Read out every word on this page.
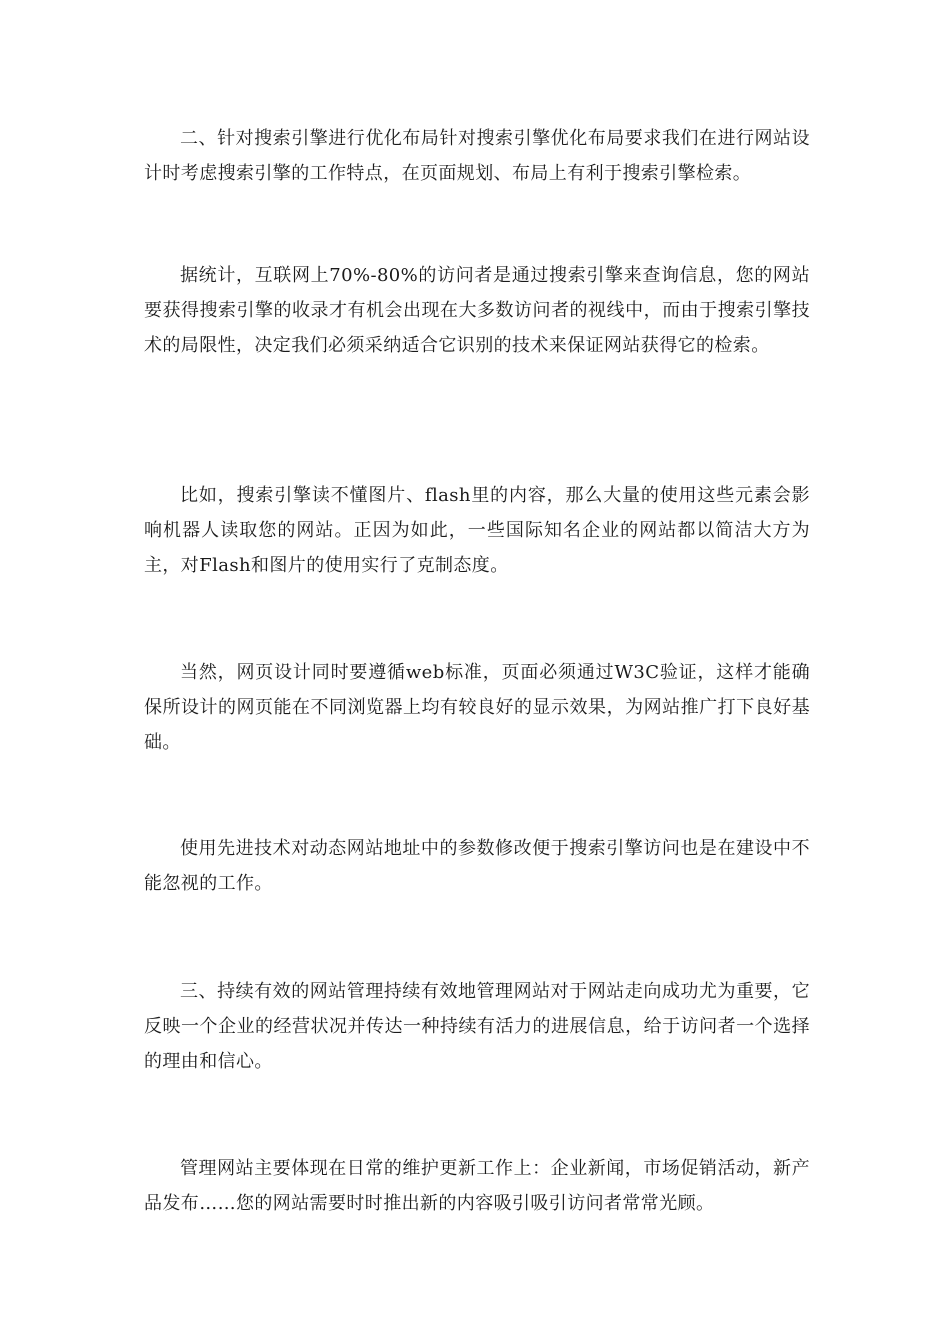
二、针对搜索引擎进行优化布局针对搜索引擎优化布局要求我们在进行网站设计时考虑搜索引擎的工作特点，在页面规划、布局上有利于搜索引擎检索。

据统计，互联网上70%-80%的访问者是通过搜索引擎来查询信息，您的网站要获得搜索引擎的收录才有机会出现在大多数访问者的视线中，而由于搜索引擎技术的局限性，决定我们必须采纳适合它识别的技术来保证网站获得它的检索。

比如，搜索引擎读不懂图片、flash里的内容，那么大量的使用这些元素会影响机器人读取您的网站。正因为如此，一些国际知名企业的网站都以简洁大方为主，对Flash和图片的使用实行了克制态度。

当然，网页设计同时要遵循web标准，页面必须通过W3C验证，这样才能确保所设计的网页能在不同浏览器上均有较良好的显示效果，为网站推广打下良好基础。

使用先进技术对动态网站地址中的参数修改便于搜索引擎访问也是在建设中不能忽视的工作。

三、持续有效的网站管理持续有效地管理网站对于网站走向成功尤为重要，它反映一个企业的经营状况并传达一种持续有活力的进展信息，给于访问者一个选择的理由和信心。

管理网站主要体现在日常的维护更新工作上：企业新闻，市场促销活动，新产品发布……您的网站需要时时推出新的内容吸引吸引访问者常常光顾。
